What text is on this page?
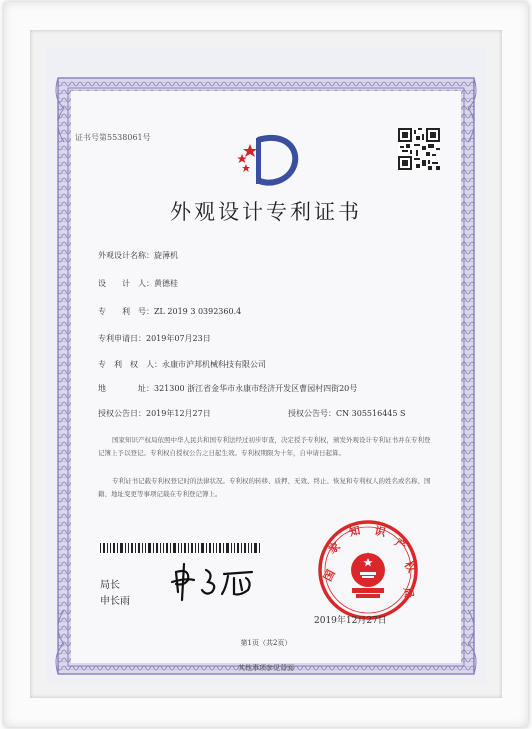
证书号第5538061号
外观设计专利证书
外观设计名称：旋薄机
设　　计　人：黄德桂
专　　利　号：ZL 2019 3 0392360.4
专利申请日：2019年07月23日
专　利　权　人：永康市沪邦机械科技有限公司
地　　　　址：321300 浙江省金华市永康市经济开发区曹园村四街20号
授权公告日：2019年12月27日	授权公告号：CN 305516445 S
国家知识产权局依照中华人民共和国专利法经过初步审查，决定授予专利权，颁发外观设计专利证书并在专利登记簿上予以登记。专利权自授权公告之日起生效。专利权期限为十年，自申请日起算。
专利证书记载专利权登记时的法律状况。专利权的转移、质押、无效、终止、恢复和专利权人的姓名或名称、国籍、地址变更等事项记载在专利登记簿上。
局长
申长雨
国
家
知 识
产
权
局
2019年12月27日
第1页（共2页）
其他事项参见背面
